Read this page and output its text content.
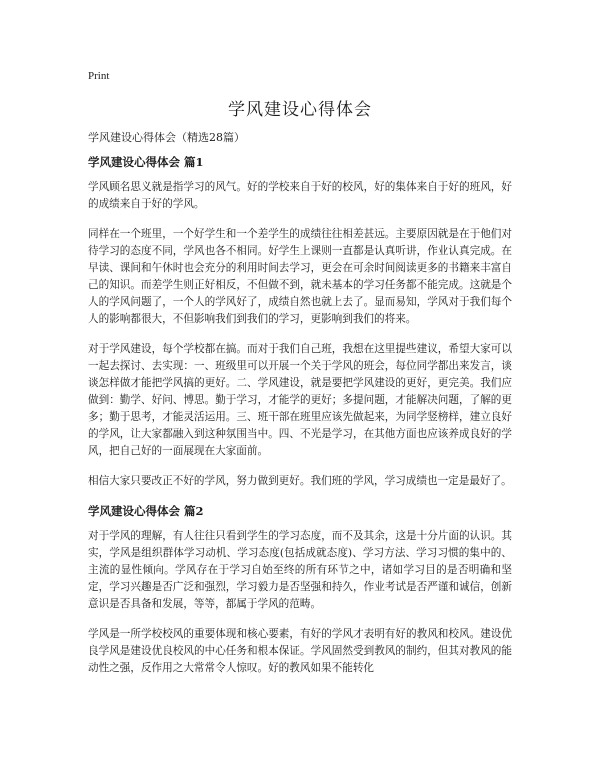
Print
学风建设心得体会

学风建设心得体会（精选28篇）

学风建设心得体会 篇1

学风顾名思义就是指学习的风气。好的学校来自于好的校风，好的集体来自于好的班风，好的成绩来自于好的学风。

同样在一个班里，一个好学生和一个差学生的成绩往往相差甚远。主要原因就是在于他们对待学习的态度不同，学风也各不相同。好学生上课则一直都是认真听讲，作业认真完成。在早读、课间和午休时也会充分的利用时间去学习，更会在可余时间阅读更多的书籍来丰富自己的知识。而差学生则正好相反，不但做不到，就未基本的学习任务都不能完成。这就是个人的学风问题了，一个人的学风好了，成绩自然也就上去了。显而易知，学风对于我们每个人的影响都很大，不但影响我们到我们的学习，更影响到我们的将来。

对于学风建设，每个学校都在搞。而对于我们自己班，我想在这里提些建议，希望大家可以一起去探讨、去实现：一、班级里可以开展一个关于学风的班会，每位同学都出来发言，谈谈怎样做才能把学风搞的更好。二、学风建设，就是要把学风建设的更好，更完美。我们应做到：勤学、好问、博思。勤于学习，才能学的更好；多提问题，才能解决问题，了解的更多；勤于思考，才能灵活运用。三、班干部在班里应该先做起来，为同学竖榜样，建立良好的学风，让大家都融入到这种氛围当中。四、不光是学习，在其他方面也应该养成良好的学风，把自己好的一面展现在大家面前。

相信大家只要改正不好的学风，努力做到更好。我们班的学风，学习成绩也一定是最好了。

学风建设心得体会 篇2

对于学风的理解，有人往往只看到学生的学习态度，而不及其余，这是十分片面的认识。其实，学风是组织群体学习动机、学习态度(包括成就态度)、学习方法、学习习惯的集中的、主流的显性倾向。学风存在于学习自始至终的所有环节之中，诸如学习目的是否明确和坚定，学习兴趣是否广泛和强烈，学习毅力是否坚强和持久，作业考试是否严谨和诚信，创新意识是否具备和发展，等等，都属于学风的范畴。

学风是一所学校校风的重要体现和核心要素，有好的学风才表明有好的教风和校风。建设优良学风是建设优良校风的中心任务和根本保证。学风固然受到教风的制约，但其对教风的能动性之强，反作用之大常常令人惊叹。好的教风如果不能转化
